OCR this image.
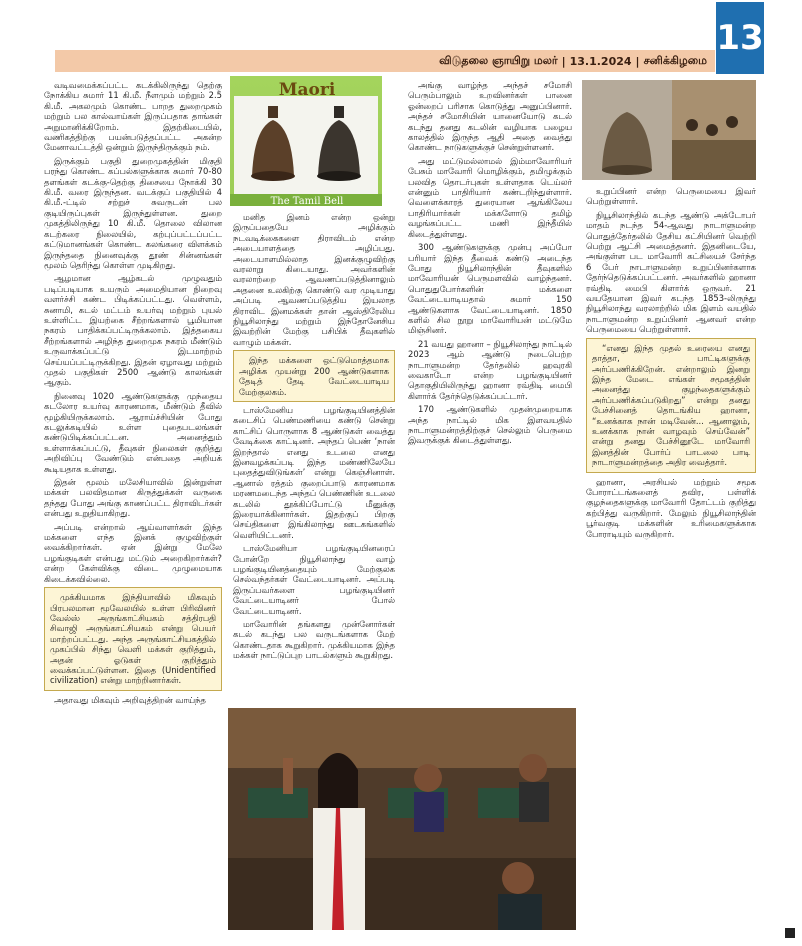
விடுதலை ஞாயிறு மலர் | 13.1.2024 | சனிக்கிழமை
13

வடிவமைக்கப்பட்ட கடக்கிலிருந்து தெற்கு நோக்கிய சுமார் 11 கி.மீ. நீளமும் மற்றும் 2.5 கி.மீ. அகலமும் கொண்ட பாறத துறைமுகம் மற்றும் பல கால்வாய்கள் இருப்பதாக தாங்கள் அறுமானிக்கிறோம். இதற்கிடையில், வணிகத்திற்கு பயன்படுத்தப்பட்ட அகன்ற மேனாவட்டத்தி ஒன்றும் இருந்திருக்கும் நம்.

இருக்கும் பகுதி துறைமுகத்தின் மிகுதி பரந்து கொண்ட கப்பல்களுக்காக சுமார் 70-80 தளங்கள் கடக்கு-தெற்கு திசையை நோக்கி 30 கி.மீ. வரை இருந்தன. வடக்குப் பகுதியில் 4 கி.மீ.-ட்டில் சற்றுச் சுவருடன் பல குடியிருப்புகள் இருந்துள்ளன. துறை முகத்திலிருந்து 10 கி.மீ. தொலை விலான கடற்கரை நிலையில், கற்புப்பட்டப்பட்ட கட்டுமானங்கள் கொண்ட கலங்கரை விளக்கம் இருந்ததை நினைவுக்கு தூண் சின்னங்கள் மூலம் தெரிந்து கொள்ள முடிகிறது.

ஆழமான ஆழ்கடல் முழுவதும் படிப்படியாக உயரும் அமைதியான நிறைவு வளர்ச்சி கண்ட பிடிக்கப்பட்டது. வெள்ளம், சுனாமி, கடல் மட்டம் உயர்வு மற்றும் புயல் உள்ளிட்ட இயற்கை சீற்றங்களால் பூமியான நகரம் பாதிக்கப்பட்டிருக்கலாம். இத்தகைய சீற்றங்களால் அழிந்த துறைமுக நகரம் மீண்டும் உருவாக்கப்பட்டு இடமாற்றம் செய்யப்பட்டிருக்கிறது. இதன் ஏழாவது மற்றும் முதல் பகுதிகள் 2500 ஆண்டு காலங்கள் ஆகும்.

நினைவு 1020 ஆண்டுகளுக்கு முந்தைய கடலோர உயர்வு காரணமாக, மீண்டும் தீவில் மூழ்கியிருக்கலாம். ஆராய்ச்சியின் போது கடலுக்கடியில் உள்ள புதைபடலங்கள் கண்டுபிடிக்கப்பட்டன. அனைத்தும் உள்ளாக்கப்பட்டு, தீவுகள் நிலைகள் குறித்து அறிவிப்பு வேண்டும் என்பதை அறியக் கூடியதாக உள்ளது.

இதன் மூலம் மலேசியாவில் இன்றுள்ள மக்கள் பலவிதமான கிருத்துக்கள் வருகை தந்தது போது அங்கு காணப்பட்ட திராவிடர்கள் என்பது உறுதியாகிறது.

அப்படி என்றால் ஆய்வாளர்கள் இந்த மக்களை எந்த இனக் குழுவிற்குள் வைக்கிறார்கள். ஏன் இன்று மேலே பழங்குடிகள் என்பது மட்டும் அறைகிறார்கள்? என்ற கேள்விக்கு விடை முழுமையாக கிடைக்கவில்லை.

முக்கியமாக இந்தியாவில் மிகவும் பிரபலமான மூவேலயில் உள்ள பிரிவினர் வேல்ஸ் அருங்காட்சியகம் சத்திரபதி சிவாஜி அருங்காட்சியகம் என்று பெயர் மாற்றப்பட்டது. அந்த அருங்காட்சியகத்தில் முகப்பில் சிந்து வெளி மக்கள் குறித்தும், அதன் ஓடுகள் குறித்தும் வைக்கப்பட்டுள்ளன. இதை (Unidentified civilization) என்று மாற்றினார்கள்.

அதாவது மிகவும் அறிவுத்திறன் வாய்ந்த

Maori
The Tamil Bell

மனித இனம் என்ற ஒன்று இருப்பதையே அழிக்கும் நடவடிக்கைகளை திராவிடம் என்ற அடையாளத்தை அழிப்பது. அடையாளமில்லாத இனக்குழுவிற்கு வரலாறு கிடையாது. அவர்களின் வரலாற்றை ஆவணப்படுத்தினாலும் அதனை உலகிற்கு கொண்டு வர முடியாது அப்படி ஆவணப்படுத்திய இயலாத திராவிட இனமக்கள் தான் ஆஸ்திரேலிய நியூசிலாந்து மற்றும் இந்தோனேசிய இவற்றின் மேற்கு பசிபிக் தீவுகளில் வாழும் மக்கள்.

இந்த மக்களை ஒட்டுமொத்தமாக அழிக்க முயன்று 200 ஆண்டுகளாக தேடித் தேடி வேட்டையாடிய மேற்குலகம்.

டாஸ்மேனிய பழங்குடியினத்தின் கடைசிப் பெண்மணியை கண்டு சென்று காட்சிப் பொருளாக 8 ஆண்டுகள் வைத்து வேடிக்கை காட்டினர். அந்தப் பெண் ‘நான் இறந்தால் எனது உடலை எனது இனவழக்கப்படி இந்த மண்ணிலேயே புதைத்துவிடுங்கள்’ என்று கெஞ்சினாள். ஆனால் ரத்தம் குறைப்பாடு காரணமாக மரணமடைந்த அந்தப் பெண்ணின் உடலை கடலில் தூக்கிப்போட்டு மீனுக்கு இரையாக்கினார்கள். இதற்குப் பிறகு செய்திகளை இங்கிலாந்து ஊடகங்களில் வெளியிட்டனர்.

டாஸ்மேனியா பழங்குடியினரைப் போன்றே நியூசிலாந்து வாழ் பழங்குடியினத்தையும் மேற்குலக செல்வந்தர்கள் வேட்டையாடினர். அப்படி இருப்பவர்களை பழங்குடியினர் வேட்டையாடினர் போல் வேட்டையாடினர்.

மாவோரின் தங்களது முன்னோர்கள் கடல் கடந்து பல வருடங்களாக மேற் கொண்டதாக கூறுகிறார். முக்கியமாக இந்த மக்கள் நாட்டுப்புற பாடல்களும் கூறுகிறது.

அங்கு வாழ்ந்த அந்தச் சமோசி பெரும்பாலும் உறவினர்கள் பானை ஓன்றைப் பரிசாக கொடுத்து அனுப்பினார். அந்தச் சமோசியின் யானையோடு கடல் கடந்து தனது கடலின் வழியாக பழைய காலத்தில் இருந்த ஆதி அதை வைத்து கொண்ட நாடுகளுக்குச் சென்றுள்ளனர்.

அது மட்டுமல்லாமல் இம்மாவோரியர் பேசும் மாவோரி மொழிக்கும், தமிழுக்கும் பலவித தொடர்புகள் உள்ளதாக டெய்லர் என்னும் பாதிரியார் கண்டறிந்துள்ளார். வெளைக்காரத் துரையான ஆங்கிலேய பாதிரியார்கள் மக்களோடு தமிழ் வழங்கப்பட்ட மணி இந்தீயில் கிடைத்துள்ளது.

300 ஆண்டுகளுக்கு முன்பு அப்போ பரியார் இந்த தீவைக் கண்டு அடைந்த போது நியூசிலாந்தின் தீவுகளில் மாவோரியன் பெருமளவில் வாழ்ந்தனர். பொதுதுபோர்களின் மக்களை வேட்டையாடியதால் சுமார் 150 ஆண்டுகளாக வேட்டையாடினர். 1850 களில் சில நூறு மாவோரியன் மட்டுமே மிஞ்சினர்.

21 வயது ஹானா – நியூசிலாந்து நாட்டில் 2023 ஆம் ஆண்டு நடைபெற்ற நாடாளுமன்ற தேர்தலில் ஹவுரகி வைகாடோ என்ற பழங்குடியினர் தொகுதியிலிருந்து ஹானா ரவ்திடி மைபி கிளார்க் தேர்ந்தெடுக்கப்பட்டார்.

170 ஆண்டுகளில் முதன்முறையாக அந்த நாட்டில் மிக இளவயதில் நாடாளுமன்றத்திற்குச் செல்லும் பெருமை இவருக்குக் கிடைத்துள்ளது.

உறுப்பினர் என்ற பெருமையை இவர் பெற்றுள்ளார்.

நியூசிலாந்தில் கடந்த ஆண்டு அக்டோபர் மாதம் நடந்த 54-ஆவது நாடாளுமன்ற பொதுத்தேர்தலில் தேசிய கட்சியினர் வெற்றி பெற்று ஆட்சி அமைத்தனர். இதனிடையே, அங்குள்ள பட மாவோரி கட்சியைச் சேர்ந்த 6 பேர் நாடாளுமன்ற உறுப்பினர்களாக தேர்ந்தெடுக்கப்பட்டனர். அவர்களில் ஹானா ரவ்திடி மைபி கிளார்க் ஒருவர். 21 வயதேயான இவர் கடந்த 1853-லிருந்து நியூசிலாந்து வரலாற்றில் மிக இளம் வயதில் நாடாளுமன்ற உறுப்பினர் ஆனவர் என்ற பெருமையை பெற்றுள்ளார்.

“எனது இந்த முதல் உரையை எனது தாத்தா, பாட்டிகளுக்கு அர்ப்பணிக்கிறேன். என்றாலும் இனறு இந்த மேடை எங்கள் சமூகத்தின் அனைத்து குழந்தைகளுக்கும் அர்ப்பணிக்கப்படுகிறது” என்று தனது பேச்சினைத் தொடங்கிய ஹானா, “உனக்காக நான் மடிவேன்... ஆனாலும், உனக்காக நான் வாழவும் செய்வேன்” என்று தனது பேச்சினூடே மாவோரி இனத்தின் போர்ப் பாடலை பாடி நாடாளுமன்றத்தை அதிர வைத்தார்.

ஹானா, அரசியல் மற்றும் சமூக போராட்டங்களைத் தவிர, பள்ளிக் குழந்தைகளுக்கு மாவோரி தோட்டம் குறித்து கற்பித்து வருகிறார். மேலும் நியூசிலாந்தின் பூர்வகுடி மக்களின் உரிமைகளுக்காக போராடியும் வருகிறார்.
